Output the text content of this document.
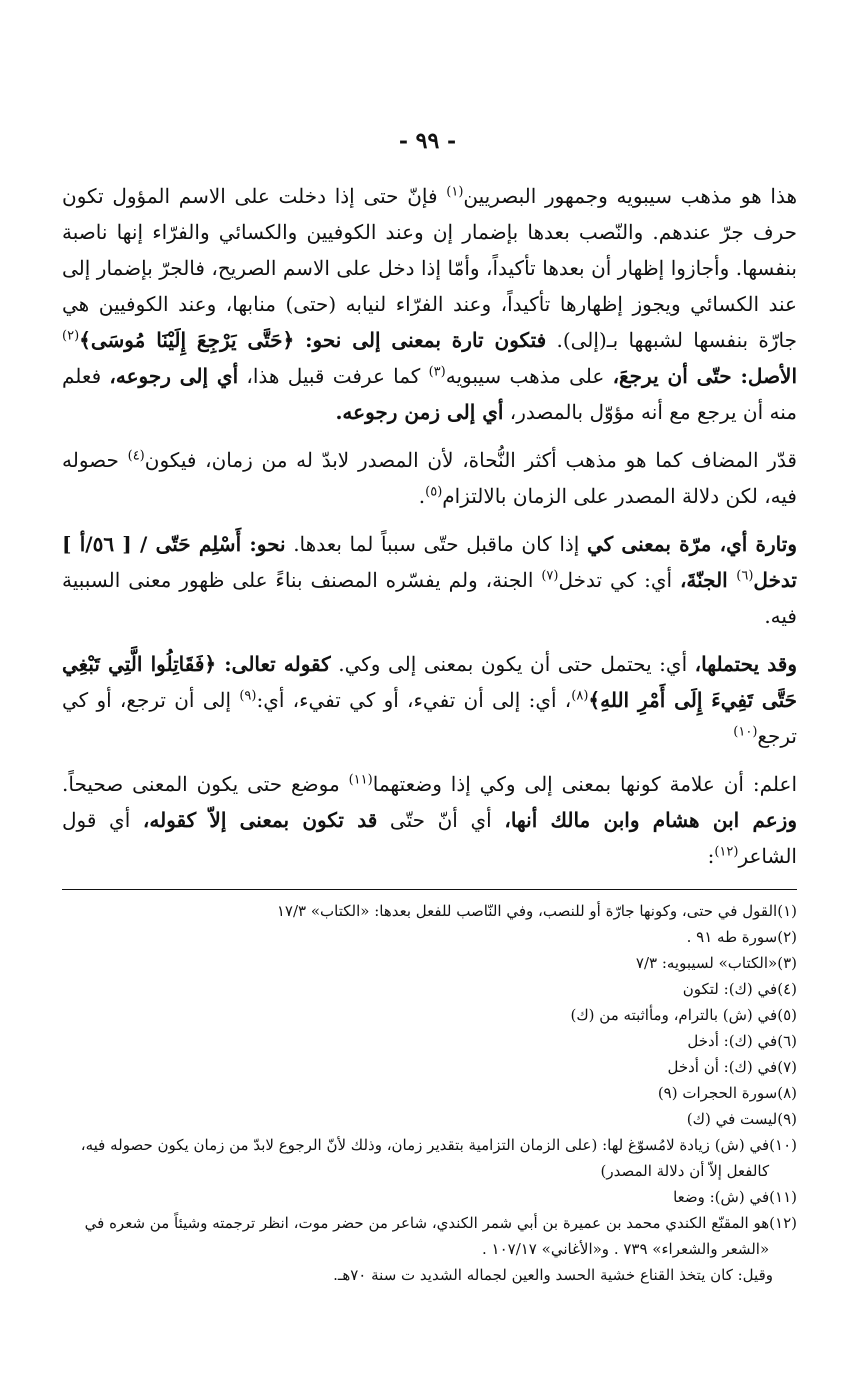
- ٩٩ -

هذا هو مذهب سيبويه وجمهور البصريين$^{(١)}$ فإنّ حتى إذا دخلت على الاسم المؤول تكون حرف جرّ عندهم. والنّصب بعدها بإضمار إن وعند الكوفيين والكسائي والفرّاء إنها ناصبة بنفسها. وأجازوا إظهار أن بعدها تأكيداً، وأمّا إذا دخل على الاسم الصريح، فالجرّ بإضمار إلى عند الكسائي ويجوز إظهارها تأكيداً، وعند الفرّاء لنيابه (حتى) منابها، وعند الكوفيين هي جارّة بنفسها لشبهها بـ(إلى). فتكون تارة بمعنى إلى نحو: ﴿حَتَّى يَرْجِعَ إِلَيْنَا مُوسَى﴾$^{(٢)}$ الأصل: حتّى أن يرجعَ، على مذهب سيبويه$^{(٣)}$ كما عرفت قبيل هذا، أي إلى رجوعه، فعلم منه أن يرجع مع أنه مؤوّل بالمصدر، أي إلى زمن رجوعه.

قدّر المضاف كما هو مذهب أكثر النُّحاة، لأن المصدر لابدّ له من زمان، فيكون$^{(٤)}$ حصوله فيه، لكن دلالة المصدر على الزمان بالالتزام$^{(٥)}$.

وتارة أي، مرّة بمعنى كي إذا كان ماقبل حتّى سبباً لما بعدها. نحو: أَسْلِم حَتّى / [ ٥٦/أ ] تدخل$^{(٦)}$ الجنّةَ، أي: كي تدخل$^{(٧)}$ الجنة، ولم يفسّره المصنف بناءً على ظهور معنى السببية فيه.

وقد يحتملها، أي: يحتمل حتى أن يكون بمعنى إلى وكي. كقوله تعالى: ﴿فَقَاتِلُوا الَّتِي تَبْغِي حَتَّى تَفِيءَ إِلَى أَمْرِ اللهِ﴾$^{(٨)}$، أي: إلى أن تفيء، أو كي تفيء، أي:$^{(٩)}$ إلى أن ترجع، أو كي ترجع$^{(١٠)}$

اعلم: أن علامة كونها بمعنى إلى وكي إذا وضعتهما$^{(١١)}$ موضع حتى يكون المعنى صحيحاً. وزعم ابن هشام وابن مالك أنها، أي أنّ حتّى قد تكون بمعنى إلاّ كقوله، أي قول الشاعر$^{(١٢)}$:

(١)
القول في حتى، وكونها جارّة أو للنصب، وفي النّاصب للفعل بعدها: «الكتاب» ١٧/٣
(٢)
سورة طه ٩١ .
(٣)
«الكتاب» لسيبويه: ٧/٣
(٤)
في (ك): لتكون
(٥)
في (ش) بالترام، ومأاثبته من (ك)
(٦)
في (ك): أدخل
(٧)
في (ك): أن أدخل
(٨)
سورة الحجرات (٩)
(٩)
ليست في (ك)
(١٠)
في (ش) زيادة لامُسوّغ لها: (على الزمان التزامية بتقدير زمان، وذلك لأنّ الرجوع لابدّ من زمان يكون حصوله فيه، كالفعل إلاّ أن دلالة المصدر)
(١١)
في (ش): وضعا
(١٢)
هو المقنّع الكندي محمد بن عميرة بن أبي شمر الكندي، شاعر من حضر موت، انظر ترجمته وشيئاً من شعره في «الشعر والشعراء» ٧٣٩ . و«الأغاني» ١٠٧/١٧ .
وقيل: كان يتخذ القناع خشية الحسد والعين لجماله الشديد ت سنة ٧٠هـ.
